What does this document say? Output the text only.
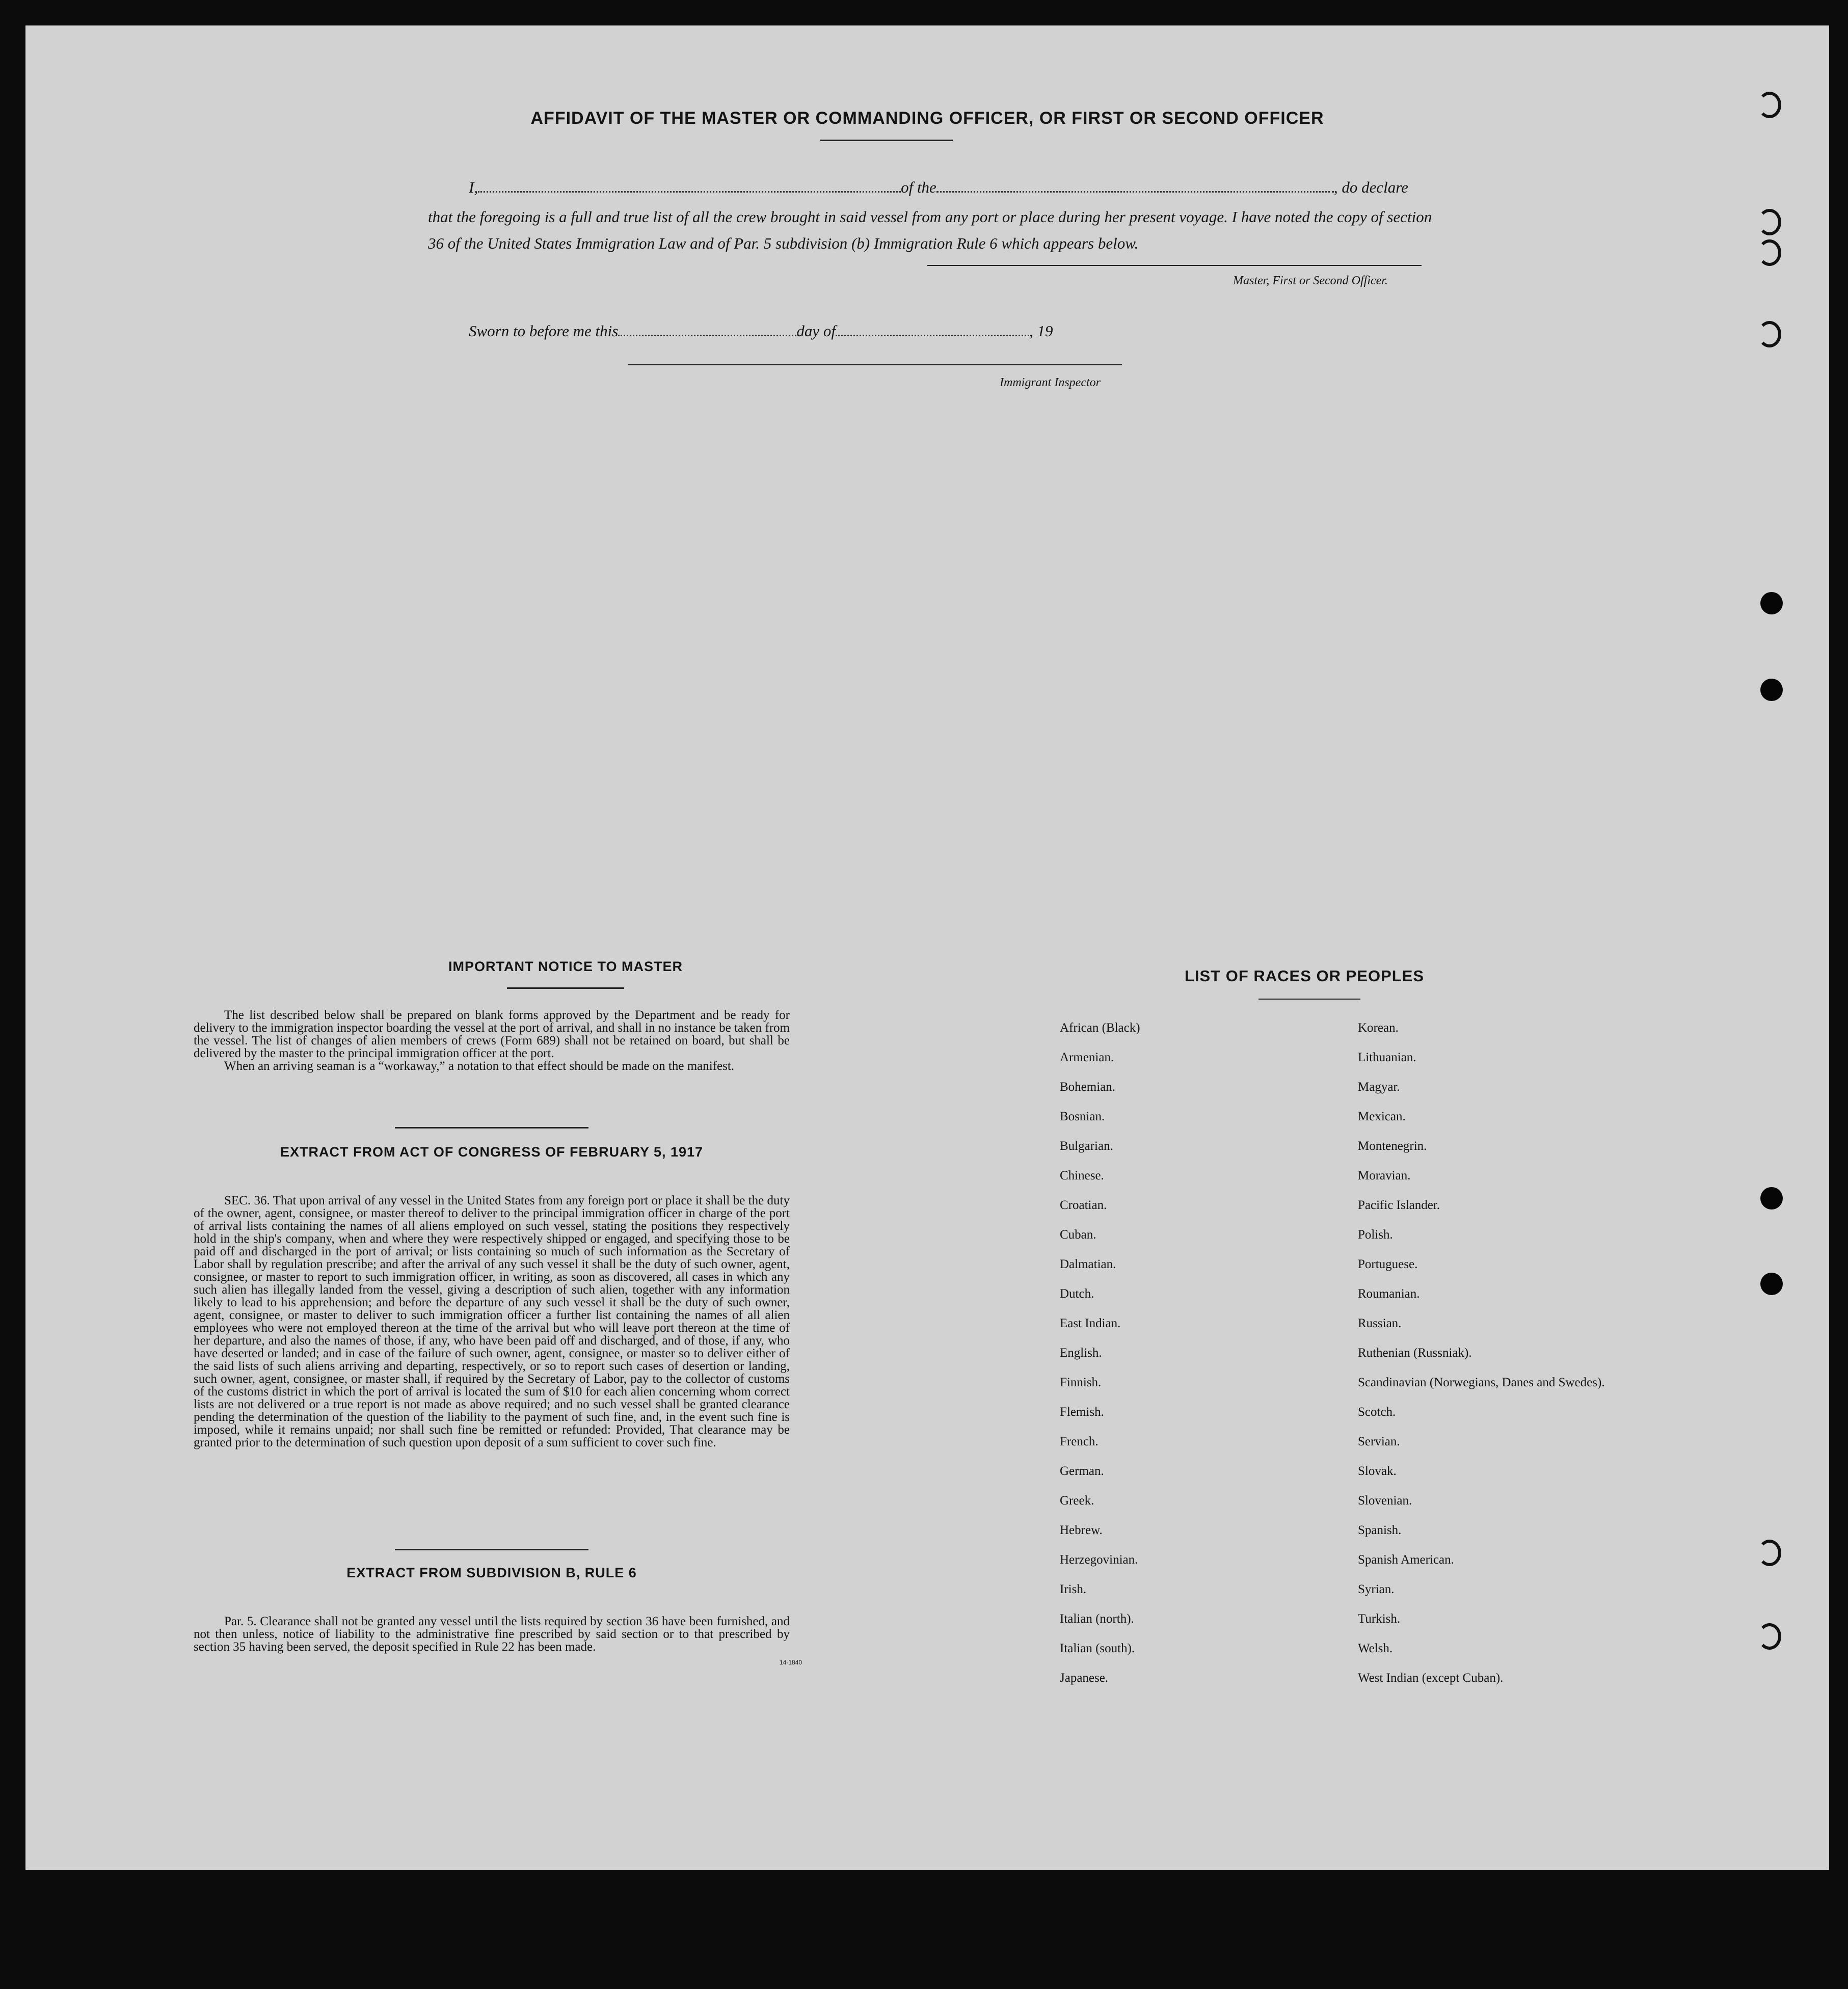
AFFIDAVIT OF THE MASTER OR COMMANDING OFFICER, OR FIRST OR SECOND OFFICER
I,	of the	, do declare
that the foregoing is a full and true list of all the crew brought in said vessel from any port or place during her present voyage. I have noted the copy of section 36 of the United States Immigration Law and of Par. 5 subdivision (b) Immigration Rule 6 which appears below.
Master, First or Second Officer.
Sworn to before me this	day of	, 19
Immigrant Inspector
IMPORTANT NOTICE TO MASTER

The list described below shall be prepared on blank forms approved by the Department and be ready for delivery to the immigration inspector boarding the vessel at the port of arrival, and shall in no instance be taken from the vessel. The list of changes of alien members of crews (Form 689) shall not be retained on board, but shall be delivered by the master to the principal immigration officer at the port.

When an arriving seaman is a “workaway,” a notation to that effect should be made on the manifest.

EXTRACT FROM ACT OF CONGRESS OF FEBRUARY 5, 1917

SEC. 36. That upon arrival of any vessel in the United States from any foreign port or place it shall be the duty of the owner, agent, consignee, or master thereof to deliver to the principal immigration officer in charge of the port of arrival lists containing the names of all aliens employed on such vessel, stating the positions they respectively hold in the ship's company, when and where they were respectively shipped or engaged, and specifying those to be paid off and discharged in the port of arrival; or lists containing so much of such information as the Secretary of Labor shall by regulation prescribe; and after the arrival of any such vessel it shall be the duty of such owner, agent, consignee, or master to report to such immigration officer, in writing, as soon as discovered, all cases in which any such alien has illegally landed from the vessel, giving a description of such alien, together with any information likely to lead to his apprehension; and before the departure of any such vessel it shall be the duty of such owner, agent, consignee, or master to deliver to such immigration officer a further list containing the names of all alien employees who were not employed thereon at the time of the arrival but who will leave port thereon at the time of her departure, and also the names of those, if any, who have been paid off and discharged, and of those, if any, who have deserted or landed; and in case of the failure of such owner, agent, consignee, or master so to deliver either of the said lists of such aliens arriving and departing, respectively, or so to report such cases of desertion or landing, such owner, agent, consignee, or master shall, if required by the Secretary of Labor, pay to the collector of customs of the customs district in which the port of arrival is located the sum of $10 for each alien concerning whom correct lists are not delivered or a true report is not made as above required; and no such vessel shall be granted clearance pending the determination of the question of the liability to the payment of such fine, and, in the event such fine is imposed, while it remains unpaid; nor shall such fine be remitted or refunded: Provided, That clearance may be granted prior to the determination of such question upon deposit of a sum sufficient to cover such fine.

EXTRACT FROM SUBDIVISION B, RULE 6

Par. 5. Clearance shall not be granted any vessel until the lists required by section 36 have been furnished, and not then unless, notice of liability to the administrative fine prescribed by said section or to that prescribed by section 35 having been served, the deposit specified in Rule 22 has been made.

14-1840
LIST OF RACES OR PEOPLES
African (Black)	Korean.
Armenian.	Lithuanian.
Bohemian.	Magyar.
Bosnian.	Mexican.
Bulgarian.	Montenegrin.
Chinese.	Moravian.
Croatian.	Pacific Islander.
Cuban.	Polish.
Dalmatian.	Portuguese.
Dutch.	Roumanian.
East Indian.	Russian.
English.	Ruthenian (Russniak).
Finnish.	Scandinavian (Norwegians, Danes and Swedes).
Flemish.	Scotch.
French.	Servian.
German.	Slovak.
Greek.	Slovenian.
Hebrew.	Spanish.
Herzegovinian.	Spanish American.
Irish.	Syrian.
Italian (north).	Turkish.
Italian (south).	Welsh.
Japanese.	West Indian (except Cuban).
